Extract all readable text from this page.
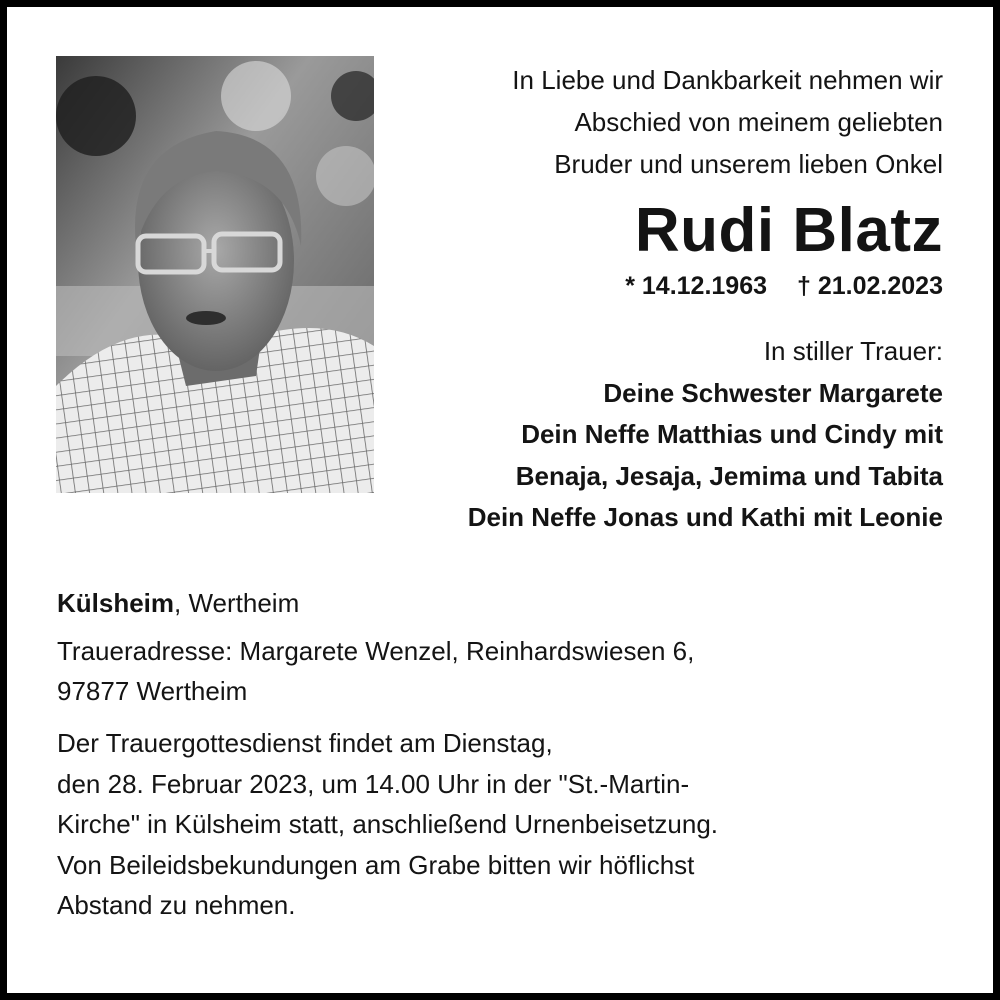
In Liebe und Dankbarkeit nehmen wir
Abschied von meinem geliebten
Bruder und unserem lieben Onkel
Rudi Blatz
* 14.12.1963 † 21.02.2023
In stiller Trauer:
Deine Schwester Margarete
Dein Neffe Matthias und Cindy mit
Benaja, Jesaja, Jemima und Tabita
Dein Neffe Jonas und Kathi mit Leonie
Külsheim, Wertheim
Traueradresse: Margarete Wenzel, Reinhardswiesen 6,
97877 Wertheim
Der Trauergottesdienst findet am Dienstag,
den 28. Februar 2023, um 14.00 Uhr in der "St.-Martin-
Kirche" in Külsheim statt, anschließend Urnenbeisetzung.
Von Beileidsbekundungen am Grabe bitten wir höflichst
Abstand zu nehmen.
